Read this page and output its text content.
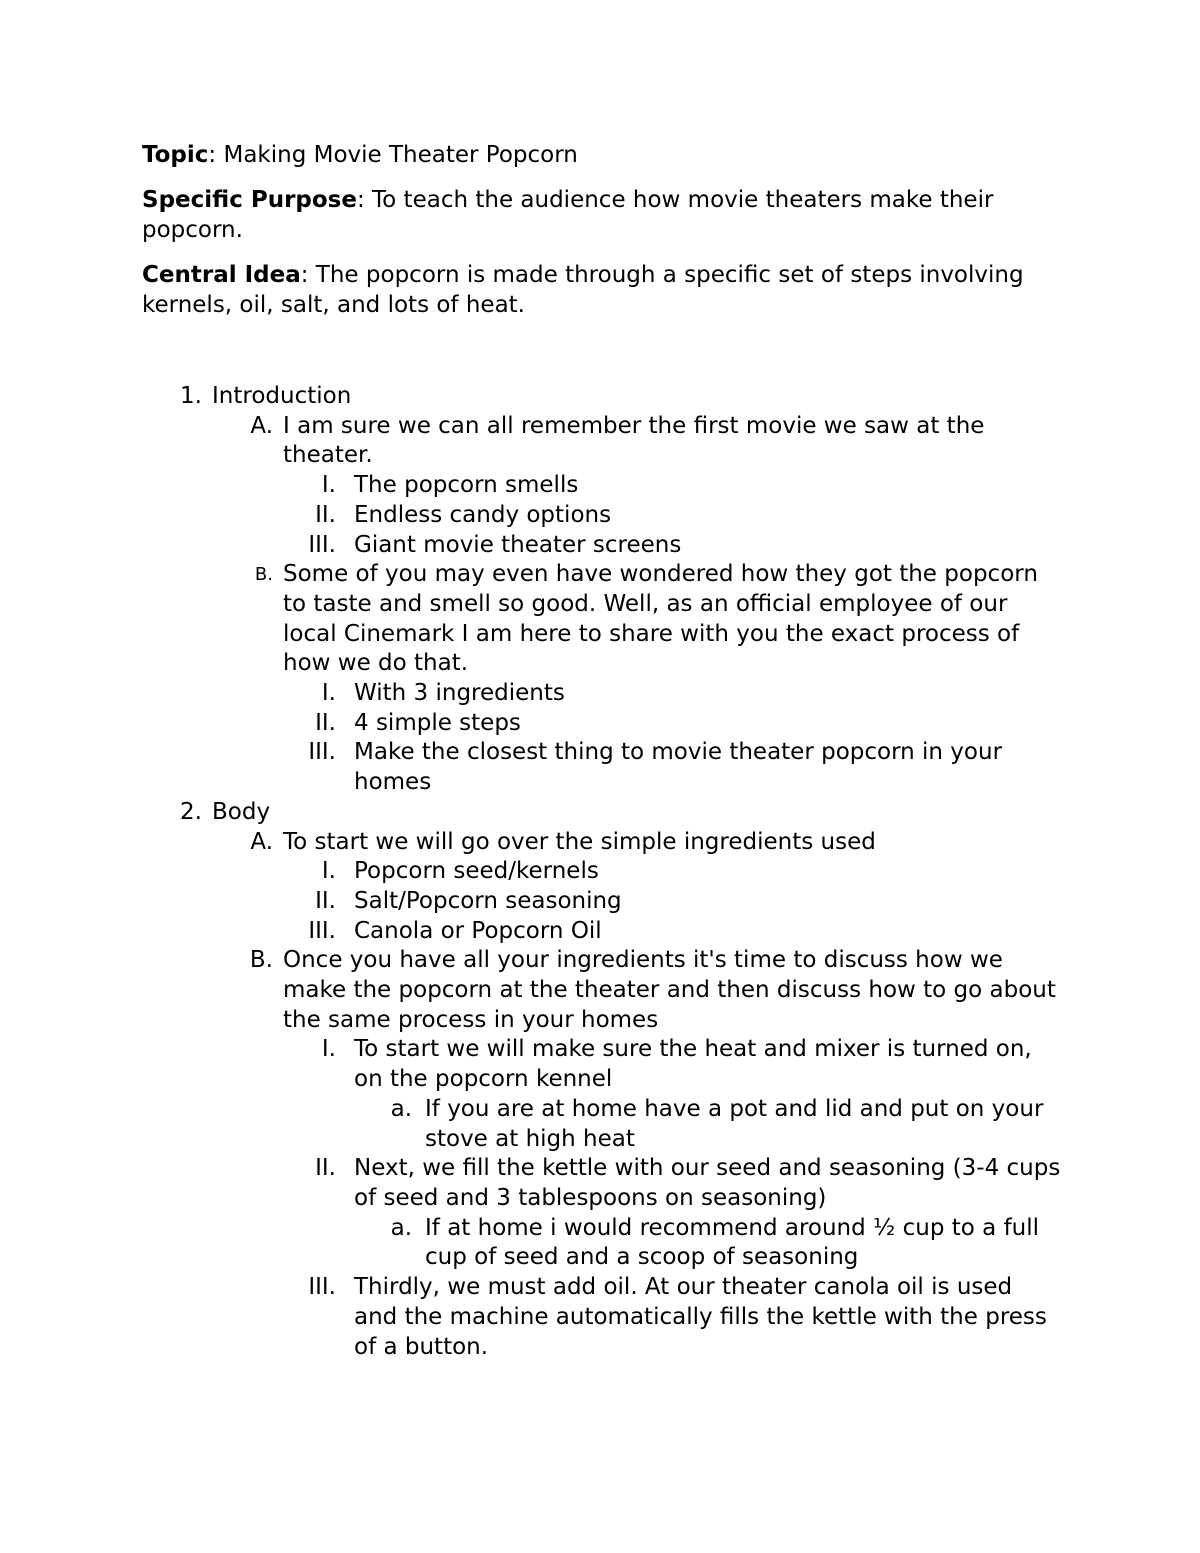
Topic: Making Movie Theater Popcorn

Specific Purpose: To teach the audience how movie theaters make their popcorn.

Central Idea: The popcorn is made through a specific set of steps involving kernels, oil, salt, and lots of heat.

1. Introduction
A. I am sure we can all remember the first movie we saw at the theater.
I. The popcorn smells
II. Endless candy options
III. Giant movie theater screens
B. Some of you may even have wondered how they got the popcorn to taste and smell so good. Well, as an official employee of our local Cinemark I am here to share with you the exact process of how we do that.
I. With 3 ingredients
II. 4 simple steps
III. Make the closest thing to movie theater popcorn in your homes
2. Body
A. To start we will go over the simple ingredients used
I. Popcorn seed/kernels
II. Salt/Popcorn seasoning
III. Canola or Popcorn Oil
B. Once you have all your ingredients it's time to discuss how we make the popcorn at the theater and then discuss how to go about the same process in your homes
I. To start we will make sure the heat and mixer is turned on, on the popcorn kennel
a. If you are at home have a pot and lid and put on your stove at high heat
II. Next, we fill the kettle with our seed and seasoning (3-4 cups of seed and 3 tablespoons on seasoning)
a. If at home i would recommend around ½ cup to a full cup of seed and a scoop of seasoning
III. Thirdly, we must add oil. At our theater canola oil is used and the machine automatically fills the kettle with the press of a button.
